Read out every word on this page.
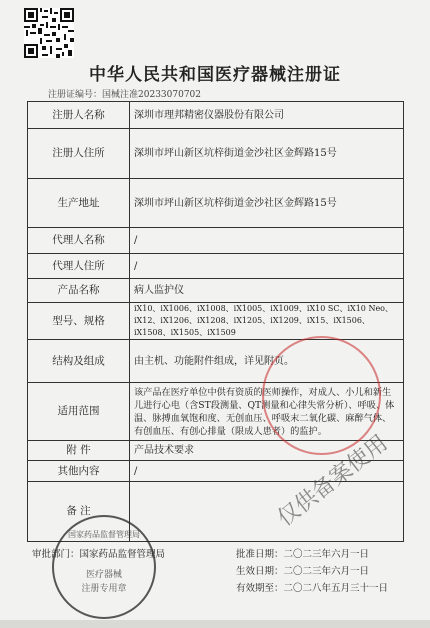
中华人民共和国医疗器械注册证
注册证编号：国械注准20233070702
注册人名称	深圳市理邦精密仪器股份有限公司
注册人住所	深圳市坪山新区坑梓街道金沙社区金辉路15号
生产地址	深圳市坪山新区坑梓街道金沙社区金辉路15号
代理人名称	/
代理人住所	/
产品名称	病人监护仪
型号、规格	iX10、iX1006、iX1008、iX1005、iX1009、iX10 SC、iX10 Neo、iX12、iX1206、iX1208、iX1205、iX1209、iX15、iX1506、iX1508、iX1505、iX1509
结构及组成	由主机、功能附件组成，详见附页。
适用范围	该产品在医疗单位中供有资质的医师操作，对成人、小儿和新生儿进行心电（含ST段测量、QT测量和心律失常分析）、呼吸、体温、脉搏血氧饱和度、无创血压、呼吸末二氧化碳、麻醉气体、有创血压、有创心排量（限成人患者）的监护。
附 件	产品技术要求
其他内容	/
备 注	
国家药品监督管理局
医疗器械
注册专用章
审批部门：国家药品监督管理局	批准日期：二〇二三年六月一日
生效日期：二〇二三年六月一日
有效期至：二〇二八年五月三十一日
仅供备案使用
